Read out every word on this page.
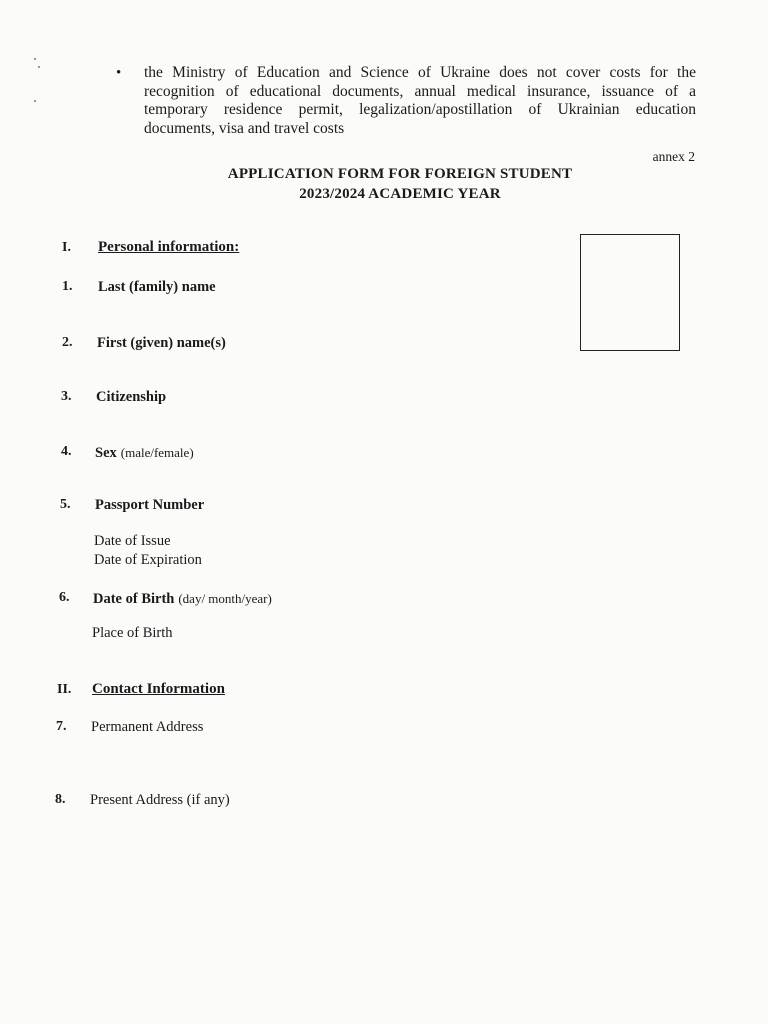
• the Ministry of Education and Science of Ukraine does not cover costs for the recognition of educational documents, annual medical insurance, issuance of a temporary residence permit, legalization/apostillation of Ukrainian education documents, visa and travel costs
annex 2
APPLICATION FORM FOR FOREIGN STUDENT
2023/2024 ACADEMIC YEAR
I. Personal information:
1. Last (family) name
2. First (given) name(s)
3. Citizenship
4. Sex (male/female)
5. Passport Number
Date of Issue
Date of Expiration
6. Date of Birth (day/ month/year)
Place of Birth
II. Contact Information
7. Permanent Address
8. Present Address (if any)
